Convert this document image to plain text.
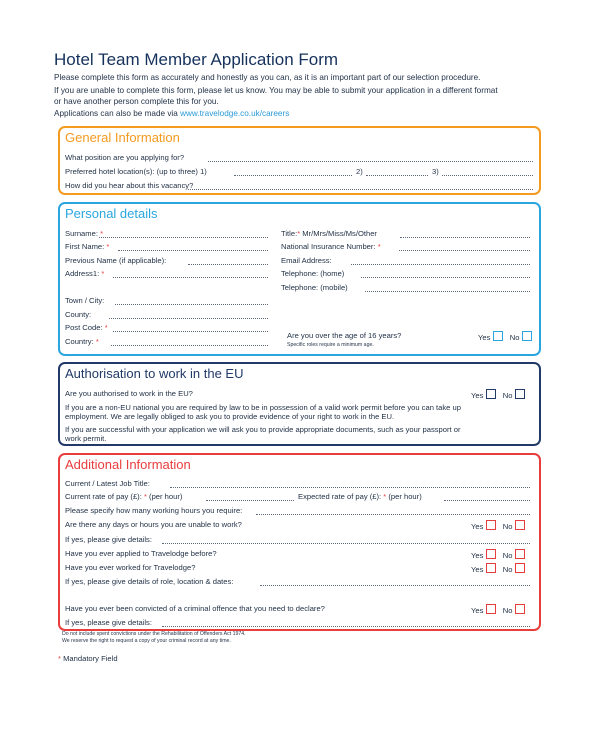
Hotel Team Member Application Form
Please complete this form as accurately and honestly as you can, as it is an important part of our selection procedure.
If you are unable to complete this form, please let us know. You may be able to submit your application in a different format
or have another person complete this for you.
Applications can also be made via www.travelodge.co.uk/careers
General Information
What position are you applying for?
Preferred hotel location(s): (up to three) 1)	2)	3)
How did you hear about this vacancy?
Personal details
Are you over the age of 16 years?
Specific roles require a minimum age.
Yes	No
Surname: *
First Name: *
Previous Name (if applicable):
Address1: *
Town / City:
County:
Post Code: *
Country: *
Title:* Mr/Mrs/Miss/Ms/Other
National Insurance Number: *
Email Address:
Telephone: (home)
Telephone: (mobile)
Authorisation to work in the EU
Are you authorised to work in the EU?	Yes	No
If you are a non-EU national you are required by law to be in possession of a valid work permit before you can take up
employment. We are legally obliged to ask you to provide evidence of your right to work in the EU.
If you are successful with your application we will ask you to provide appropriate documents, such as your passport or
work permit.
Additional Information
Current / Latest Job Title:
Current rate of pay (£): * (per hour)	Expected rate of pay (£): * (per hour)
Please specify how many working hours you require:
Are there any days or hours you are unable to work?	Yes	No
If yes, please give details:
Have you ever applied to Travelodge before?	Yes	No
Have you ever worked for Travelodge?	Yes	No
If yes, please give details of role, location & dates:
Have you ever been convicted of a criminal offence that you need to declare?	Yes	No
If yes, please give details:
Do not include spent convictions under the Rehabilitation of Offenders Act 1974.
We reserve the right to request a copy of your criminal record at any time.
* Mandatory Field
